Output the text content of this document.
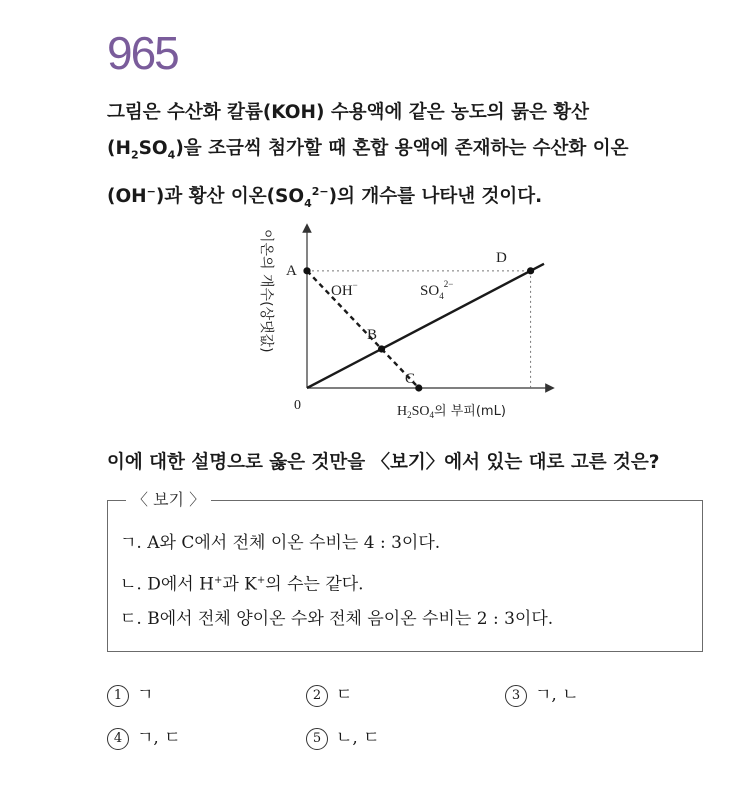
965
그림은 수산화 칼륨(KOH) 수용액에 같은 농도의 묽은 황산
$(H_2SO_4)$을 조금씩 첨가할 때 혼합 용액에 존재하는 수산화 이온
(OH−)과 황산 이온$(SO_4^{2-})$의 개수를 나타낸 것이다.
이온의 개수(상댓값)
0
A
B
C
D
OH−	$SO_4^{2-}$
$H_2SO_4$의 부피(mL)
이에 대한 설명으로 옳은 것만을 〈보기〉에서 있는 대로 고른 것은?
〈 보기 〉
ㄱ. A와 C에서 전체 이온 수비는 4 : 3이다.
ㄴ. D에서 H+과 K+의 수는 같다.
ㄷ. B에서 전체 양이온 수와 전체 음이온 수비는 2 : 3이다.
1 ㄱ	2 ㄷ	3 ㄱ, ㄴ
4 ㄱ, ㄷ	5 ㄴ, ㄷ
